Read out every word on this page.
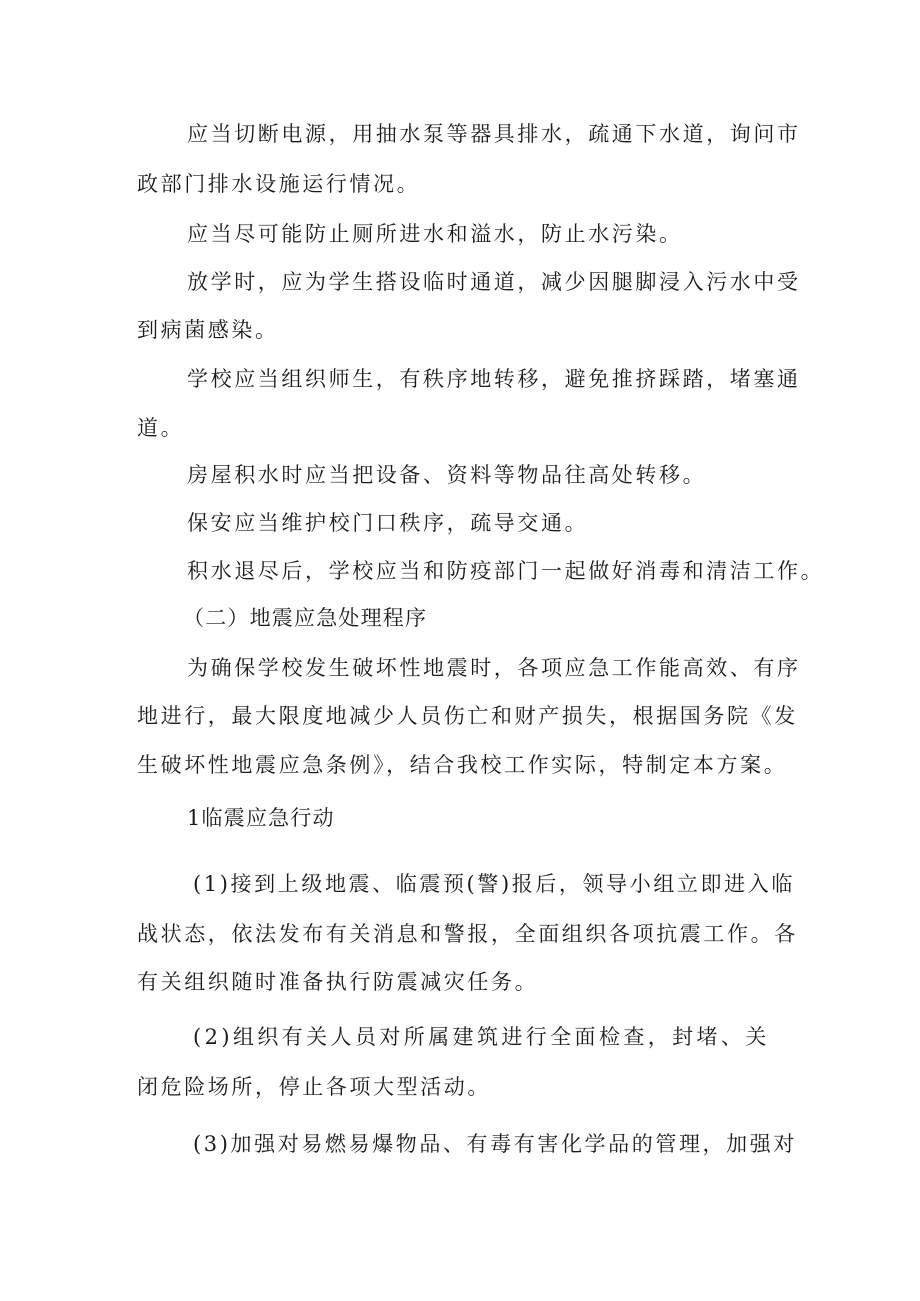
应当切断电源，用抽水泵等器具排水，疏通下水道，询问市
政部门排水设施运行情况。
应当尽可能防止厕所进水和溢水，防止水污染。
放学时，应为学生搭设临时通道，减少因腿脚浸入污水中受
到病菌感染。
学校应当组织师生，有秩序地转移，避免推挤踩踏，堵塞通
道。
房屋积水时应当把设备、资料等物品往高处转移。
保安应当维护校门口秩序，疏导交通。
积水退尽后，学校应当和防疫部门一起做好消毒和清洁工作。
（二）地震应急处理程序
为确保学校发生破坏性地震时，各项应急工作能高效、有序
地进行，最大限度地减少人员伤亡和财产损失，根据国务院《发
生破坏性地震应急条例》，结合我校工作实际，特制定本方案。
1临震应急行动
(1)接到上级地震、临震预(警)报后，领导小组立即进入临
战状态，依法发布有关消息和警报，全面组织各项抗震工作。各
有关组织随时准备执行防震减灾任务。
(2)组织有关人员对所属建筑进行全面检查，封堵、关
闭危险场所，停止各项大型活动。
(3)加强对易燃易爆物品、有毒有害化学品的管理，加强对
